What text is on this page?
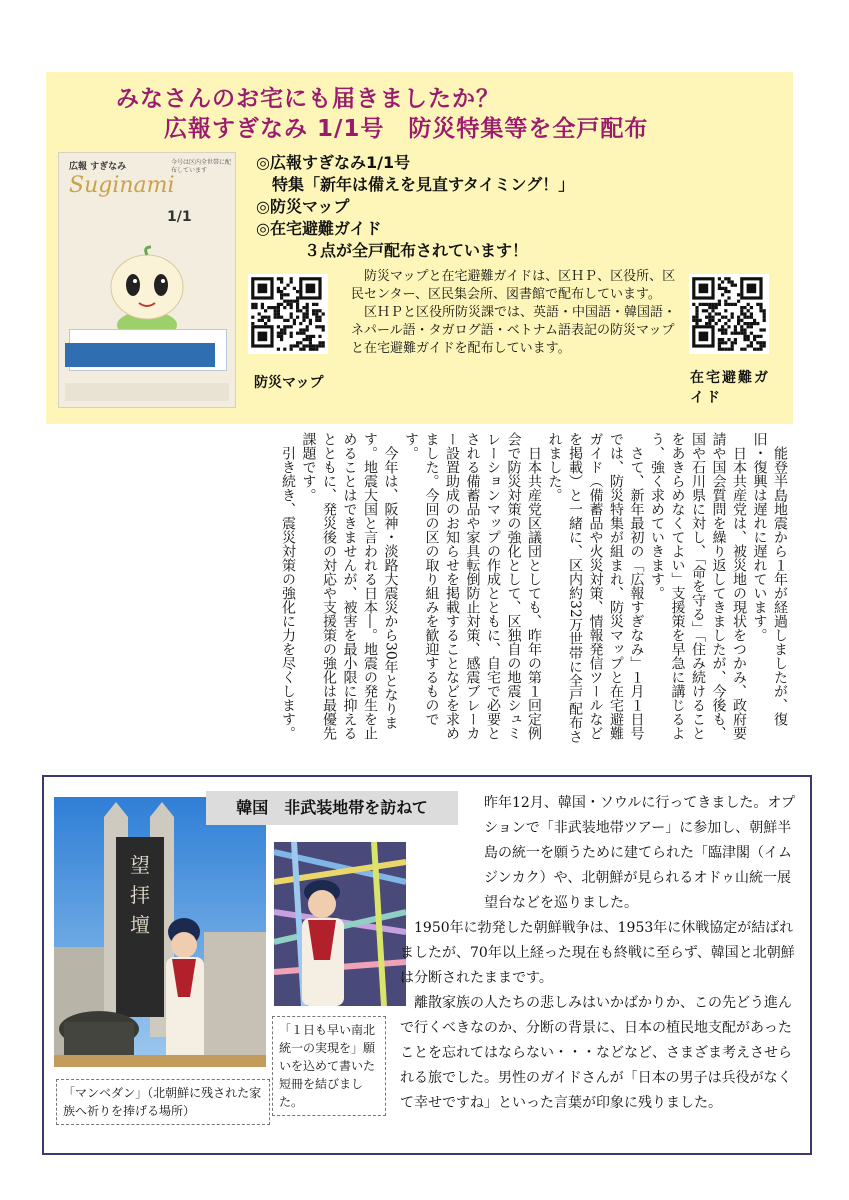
みなさんのお宅にも届きましたか？
広報すぎなみ 1/1号　防災特集等を全戸配布
広報 すぎなみ
Suginami
今号は区内全世帯に配布しています
1/1

◎広報すぎなみ1/1号
　特集「新年は備えを見直すタイミング！」
◎防災マップ
◎在宅避難ガイド
　　　３点が全戸配布されています！
防災マップ

防災マップと在宅避難ガイドは、区ＨＰ、区役所、区民センター、区民集会所、図書館で配布しています。

区ＨＰと区役所防災課では、英語・中国語・韓国語・ネパール語・タガログ語・ベトナム語表記の防災マップと在宅避難ガイドを配布しています。

在宅避難ガイド

能登半島地震から１年が経過しましたが、復旧・復興は遅れに遅れています。

日本共産党は、被災地の現状をつかみ、政府要請や国会質問を繰り返してきましたが、今後も、国や石川県に対し、「命を守る」「住み続けることをあきらめなくてよい」支援策を早急に講じるよう、強く求めていきます。

さて、新年最初の「広報すぎなみ」１月１日号では、防災特集が組まれ、防災マップと在宅避難ガイド（備蓄品や火災対策、情報発信ツールなどを掲載）と一緒に、区内約32万世帯に全戸配布されました。

日本共産党区議団としても、昨年の第１回定例会で防災対策の強化として、区独自の地震シュミレーションマップの作成とともに、自宅で必要とされる備蓄品や家具転倒防止対策、感震ブレーカー設置助成のお知らせを掲載することなどを求めました。今回の区の取り組みを歓迎するものです。

今年は、阪神・淡路大震災から30年となります。地震大国と言われる日本―。地震の発生を止めることはできませんが、被害を最小限に抑えるとともに、発災後の対応や支援策の強化は最優先課題です。

引き続き、震災対策の強化に力を尽くします。

望
拝
壇
韓国　非武装地帯を訪ねて	昨年12月、韓国・ソウルに行ってきました。オプションで「非武装地帯ツアー」に参加し、朝鮮半島の統一を願うために建てられた「臨津閣（イムジンカク）や、北朝鮮が見られるオドゥ山統一展望台などを巡りました。

1950年に勃発した朝鮮戦争は、1953年に休戦協定が結ばれましたが、70年以上経った現在も終戦に至らず、韓国と北朝鮮は分断されたままです。

離散家族の人たちの悲しみはいかばかりか、この先どう進んで行くべきなのか、分断の背景に、日本の植民地支配があったことを忘れてはならない・・・などなど、さまざま考えさせられる旅でした。男性のガイドさんが「日本の男子は兵役がなくて幸せですね」といった言葉が印象に残りました。

「１日も早い南北統一の実現を」願いを込めて書いた短冊を結びました。
「マンベダン」（北朝鮮に残された家族へ祈りを捧げる場所）
